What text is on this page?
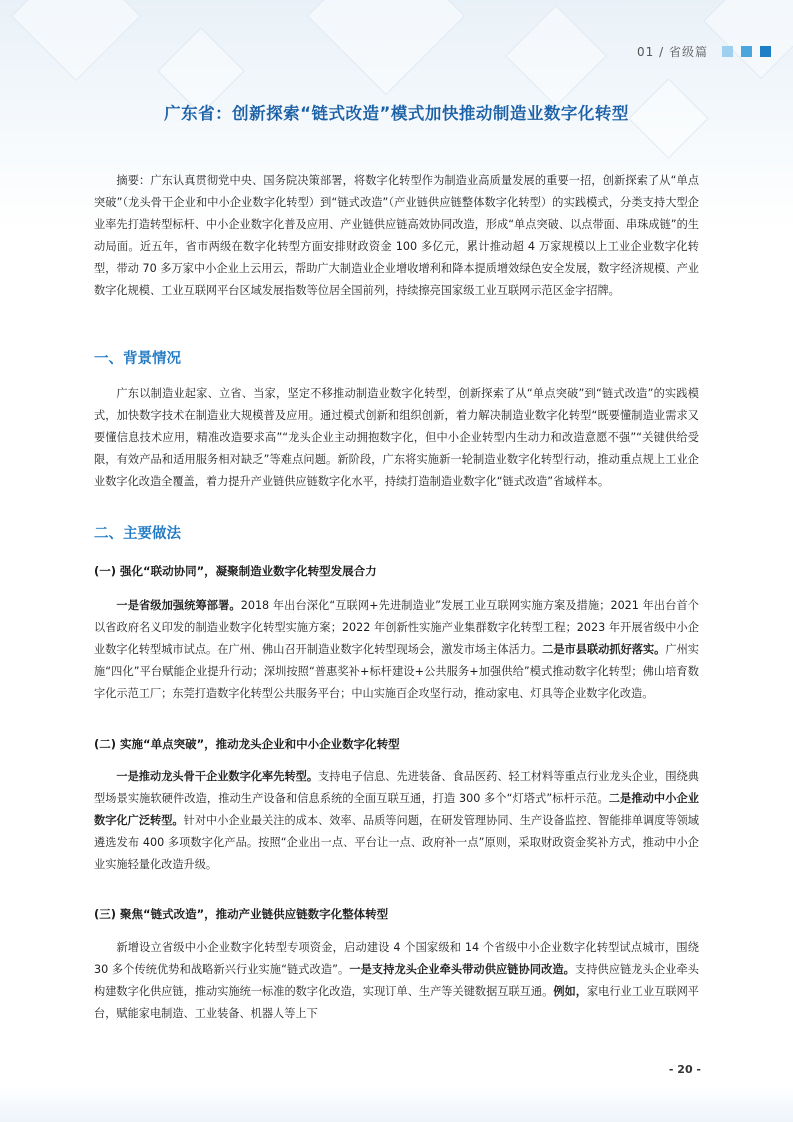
01 / 省级篇
广东省：创新探索“链式改造”模式加快推动制造业数字化转型

摘要：广东认真贯彻党中央、国务院决策部署，将数字化转型作为制造业高质量发展的重要一招，创新探索了从“单点突破”（龙头骨干企业和中小企业数字化转型）到“链式改造”（产业链供应链整体数字化转型）的实践模式，分类支持大型企业率先打造转型标杆、中小企业数字化普及应用、产业链供应链高效协同改造，形成“单点突破、以点带面、串珠成链”的生动局面。近五年，省市两级在数字化转型方面安排财政资金 100 多亿元，累计推动超 4 万家规模以上工业企业数字化转型，带动 70 多万家中小企业上云用云，帮助广大制造业企业增收增利和降本提质增效绿色安全发展，数字经济规模、产业数字化规模、工业互联网平台区域发展指数等位居全国前列，持续擦亮国家级工业互联网示范区金字招牌。

一、背景情况

广东以制造业起家、立省、当家，坚定不移推动制造业数字化转型，创新探索了从“单点突破”到“链式改造”的实践模式，加快数字技术在制造业大规模普及应用。通过模式创新和组织创新，着力解决制造业数字化转型“既要懂制造业需求又要懂信息技术应用，精准改造要求高”“龙头企业主动拥抱数字化，但中小企业转型内生动力和改造意愿不强”“关键供给受限，有效产品和适用服务相对缺乏”等难点问题。新阶段，广东将实施新一轮制造业数字化转型行动，推动重点规上工业企业数字化改造全覆盖，着力提升产业链供应链数字化水平，持续打造制造业数字化“链式改造”省域样本。

二、主要做法
(一) 强化“联动协同”，凝聚制造业数字化转型发展合力

一是省级加强统筹部署。2018 年出台深化“互联网+先进制造业”发展工业互联网实施方案及措施；2021 年出台首个以省政府名义印发的制造业数字化转型实施方案；2022 年创新性实施产业集群数字化转型工程；2023 年开展省级中小企业数字化转型城市试点。在广州、佛山召开制造业数字化转型现场会，激发市场主体活力。二是市县联动抓好落实。广州实施“四化”平台赋能企业提升行动；深圳按照“普惠奖补+标杆建设+公共服务+加强供给”模式推动数字化转型；佛山培育数字化示范工厂；东莞打造数字化转型公共服务平台；中山实施百企攻坚行动，推动家电、灯具等企业数字化改造。

(二) 实施“单点突破”，推动龙头企业和中小企业数字化转型

一是推动龙头骨干企业数字化率先转型。支持电子信息、先进装备、食品医药、轻工材料等重点行业龙头企业，围绕典型场景实施软硬件改造，推动生产设备和信息系统的全面互联互通，打造 300 多个“灯塔式”标杆示范。二是推动中小企业数字化广泛转型。针对中小企业最关注的成本、效率、品质等问题，在研发管理协同、生产设备监控、智能排单调度等领域遴选发布 400 多项数字化产品。按照“企业出一点、平台让一点、政府补一点”原则，采取财政资金奖补方式，推动中小企业实施轻量化改造升级。

(三) 聚焦“链式改造”，推动产业链供应链数字化整体转型

新增设立省级中小企业数字化转型专项资金，启动建设 4 个国家级和 14 个省级中小企业数字化转型试点城市，围绕 30 多个传统优势和战略新兴行业实施“链式改造”。一是支持龙头企业牵头带动供应链协同改造。支持供应链龙头企业牵头构建数字化供应链，推动实施统一标准的数字化改造，实现订单、生产等关键数据互联互通。例如，家电行业工业互联网平台，赋能家电制造、工业装备、机器人等上下

- 20 -
